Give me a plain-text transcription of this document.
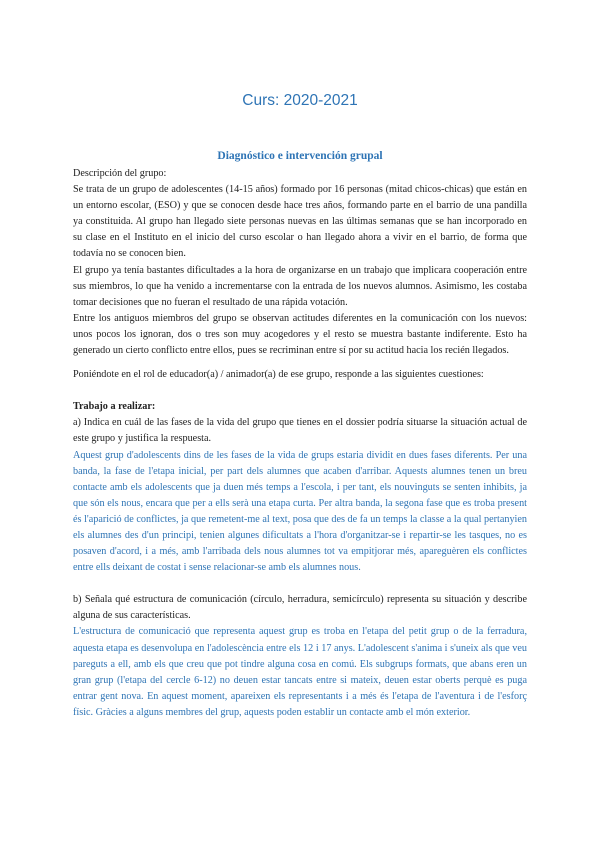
Curs: 2020-2021
Diagnóstico e intervención grupal

Descripción del grupo:

Se trata de un grupo de adolescentes (14-15 años) formado por 16 personas (mitad chicos-chicas) que están en un entorno escolar, (ESO) y que se conocen desde hace tres años, formando parte en el barrio de una pandilla ya constituida. Al grupo han llegado siete personas nuevas en las últimas semanas que se han incorporado en su clase en el Instituto en el inicio del curso escolar o han llegado ahora a vivir en el barrio, de forma que todavía no se conocen bien.

El grupo ya tenía bastantes dificultades a la hora de organizarse en un trabajo que implicara cooperación entre sus miembros, lo que ha venido a incrementarse con la entrada de los nuevos alumnos. Asimismo, les costaba tomar decisiones que no fueran el resultado de una rápida votación.

Entre los antiguos miembros del grupo se observan actitudes diferentes en la comunicación con los nuevos: unos pocos los ignoran, dos o tres son muy acogedores y el resto se muestra bastante indiferente. Esto ha generado un cierto conflicto entre ellos, pues se recriminan entre sí por su actitud hacia los recién llegados.

Poniéndote en el rol de educador(a) / animador(a) de ese grupo, responde a las siguientes cuestiones:

Trabajo a realizar:

a) Indica en cuál de las fases de la vida del grupo que tienes en el dossier podría situarse la situación actual de este grupo y justifica la respuesta.

Aquest grup d'adolescents dins de les fases de la vida de grups estaria dividit en dues fases diferents. Per una banda, la fase de l'etapa inicial, per part dels alumnes que acaben d'arribar. Aquests alumnes tenen un breu contacte amb els adolescents que ja duen més temps a l'escola, i per tant, els nouvinguts se senten inhibits, ja que són els nous, encara que per a ells serà una etapa curta. Per altra banda, la segona fase que es troba present és l'aparició de conflictes, ja que remetent-me al text, posa que des de fa un temps la classe a la qual pertanyien els alumnes des d'un principi, tenien algunes dificultats a l'hora d'organitzar-se i repartir-se les tasques, no es posaven d'acord, i a més, amb l'arribada dels nous alumnes tot va empitjorar més, apareguèren els conflictes entre ells deixant de costat i sense relacionar-se amb els alumnes nous.

b) Señala qué estructura de comunicación (círculo, herradura, semicírculo) representa su situación y describe alguna de sus características.

L'estructura de comunicació que representa aquest grup es troba en l'etapa del petit grup o de la ferradura, aquesta etapa es desenvolupa en l'adolescència entre els 12 i 17 anys. L'adolescent s'anima i s'uneix als que veu pareguts a ell, amb els que creu que pot tindre alguna cosa en comú. Els subgrups formats, que abans eren un gran grup (l'etapa del cercle 6-12) no deuen estar tancats entre si mateix, deuen estar oberts perquè es puga entrar gent nova. En aquest moment, apareixen els representants i a més és l'etapa de l'aventura i de l'esforç físic. Gràcies a alguns membres del grup, aquests poden establir un contacte amb el món exterior.
